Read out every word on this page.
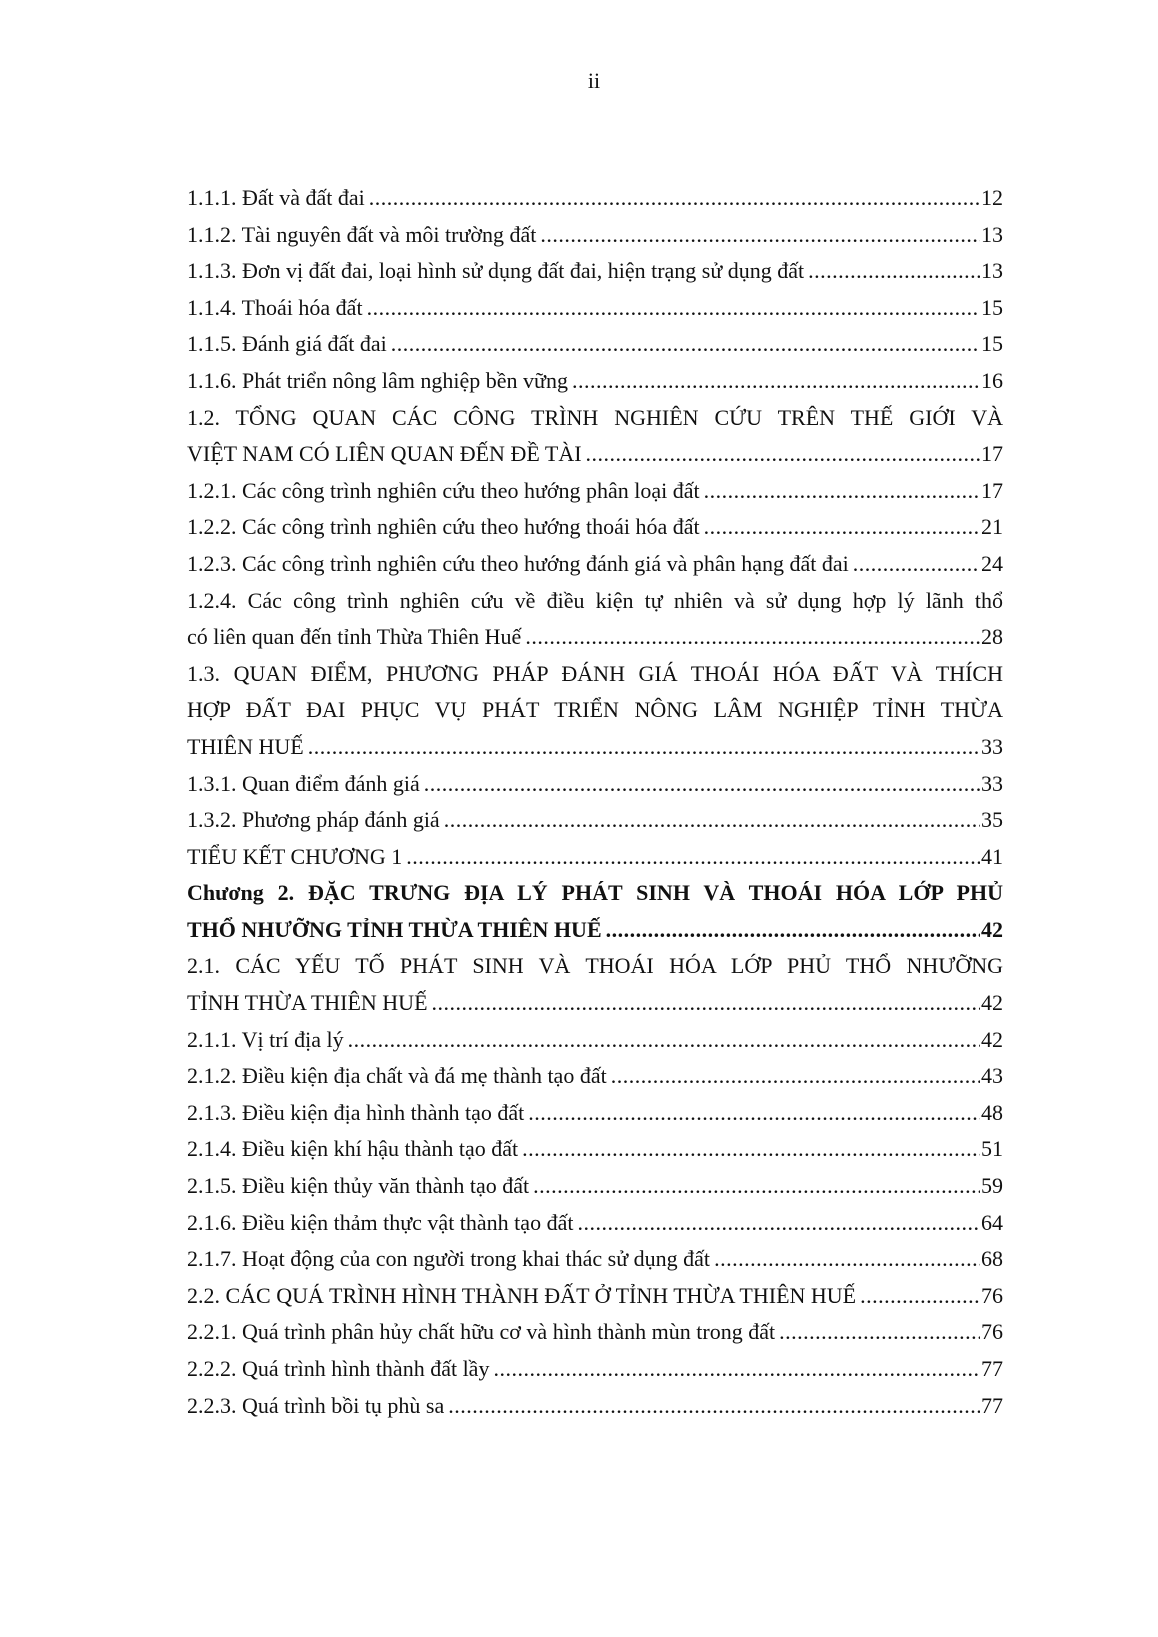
ii
1.1.1. Đất và đất đai .....	12
1.1.2. Tài nguyên đất và môi trường đất .....	13
1.1.3. Đơn vị đất đai, loại hình sử dụng đất đai, hiện trạng sử dụng đất .....	13
1.1.4. Thoái hóa đất .....	15
1.1.5. Đánh giá đất đai .....	15
1.1.6. Phát triển nông lâm nghiệp bền vững .....	16
1.2. TỔNG QUAN CÁC CÔNG TRÌNH NGHIÊN CỨU TRÊN THẾ GIỚI VÀ
VIỆT NAM CÓ LIÊN QUAN ĐẾN ĐỀ TÀI .....	17
1.2.1. Các công trình nghiên cứu theo hướng phân loại đất .....	17
1.2.2. Các công trình nghiên cứu theo hướng thoái hóa đất .....	21
1.2.3. Các công trình nghiên cứu theo hướng đánh giá và phân hạng đất đai .....	24
1.2.4. Các công trình nghiên cứu về điều kiện tự nhiên và sử dụng hợp lý lãnh thổ
có liên quan đến tỉnh Thừa Thiên Huế .....	28
1.3. QUAN ĐIỂM, PHƯƠNG PHÁP ĐÁNH GIÁ THOÁI HÓA ĐẤT VÀ THÍCH
HỢP ĐẤT ĐAI PHỤC VỤ PHÁT TRIỂN NÔNG LÂM NGHIỆP TỈNH THỪA
THIÊN HUẾ .....	33
1.3.1. Quan điểm đánh giá .....	33
1.3.2. Phương pháp đánh giá .....	35
TIỂU KẾT CHƯƠNG 1 .....	41
Chương 2. ĐẶC TRƯNG ĐỊA LÝ PHÁT SINH VÀ THOÁI HÓA LỚP PHỦ
THỔ NHƯỠNG TỈNH THỪA THIÊN HUẾ .....	42
2.1. CÁC YẾU TỐ PHÁT SINH VÀ THOÁI HÓA LỚP PHỦ THỔ NHƯỠNG
TỈNH THỪA THIÊN HUẾ .....	42
2.1.1. Vị trí địa lý .....	42
2.1.2. Điều kiện địa chất và đá mẹ thành tạo đất .....	43
2.1.3. Điều kiện địa hình thành tạo đất .....	48
2.1.4. Điều kiện khí hậu thành tạo đất .....	51
2.1.5. Điều kiện thủy văn thành tạo đất .....	59
2.1.6. Điều kiện thảm thực vật thành tạo đất .....	64
2.1.7. Hoạt động của con người trong khai thác sử dụng đất .....	68
2.2. CÁC QUÁ TRÌNH HÌNH THÀNH ĐẤT Ở TỈNH THỪA THIÊN HUẾ .....	76
2.2.1. Quá trình phân hủy chất hữu cơ và hình thành mùn trong đất .....	76
2.2.2. Quá trình hình thành đất lầy .....	77
2.2.3. Quá trình bồi tụ phù sa .....	77
